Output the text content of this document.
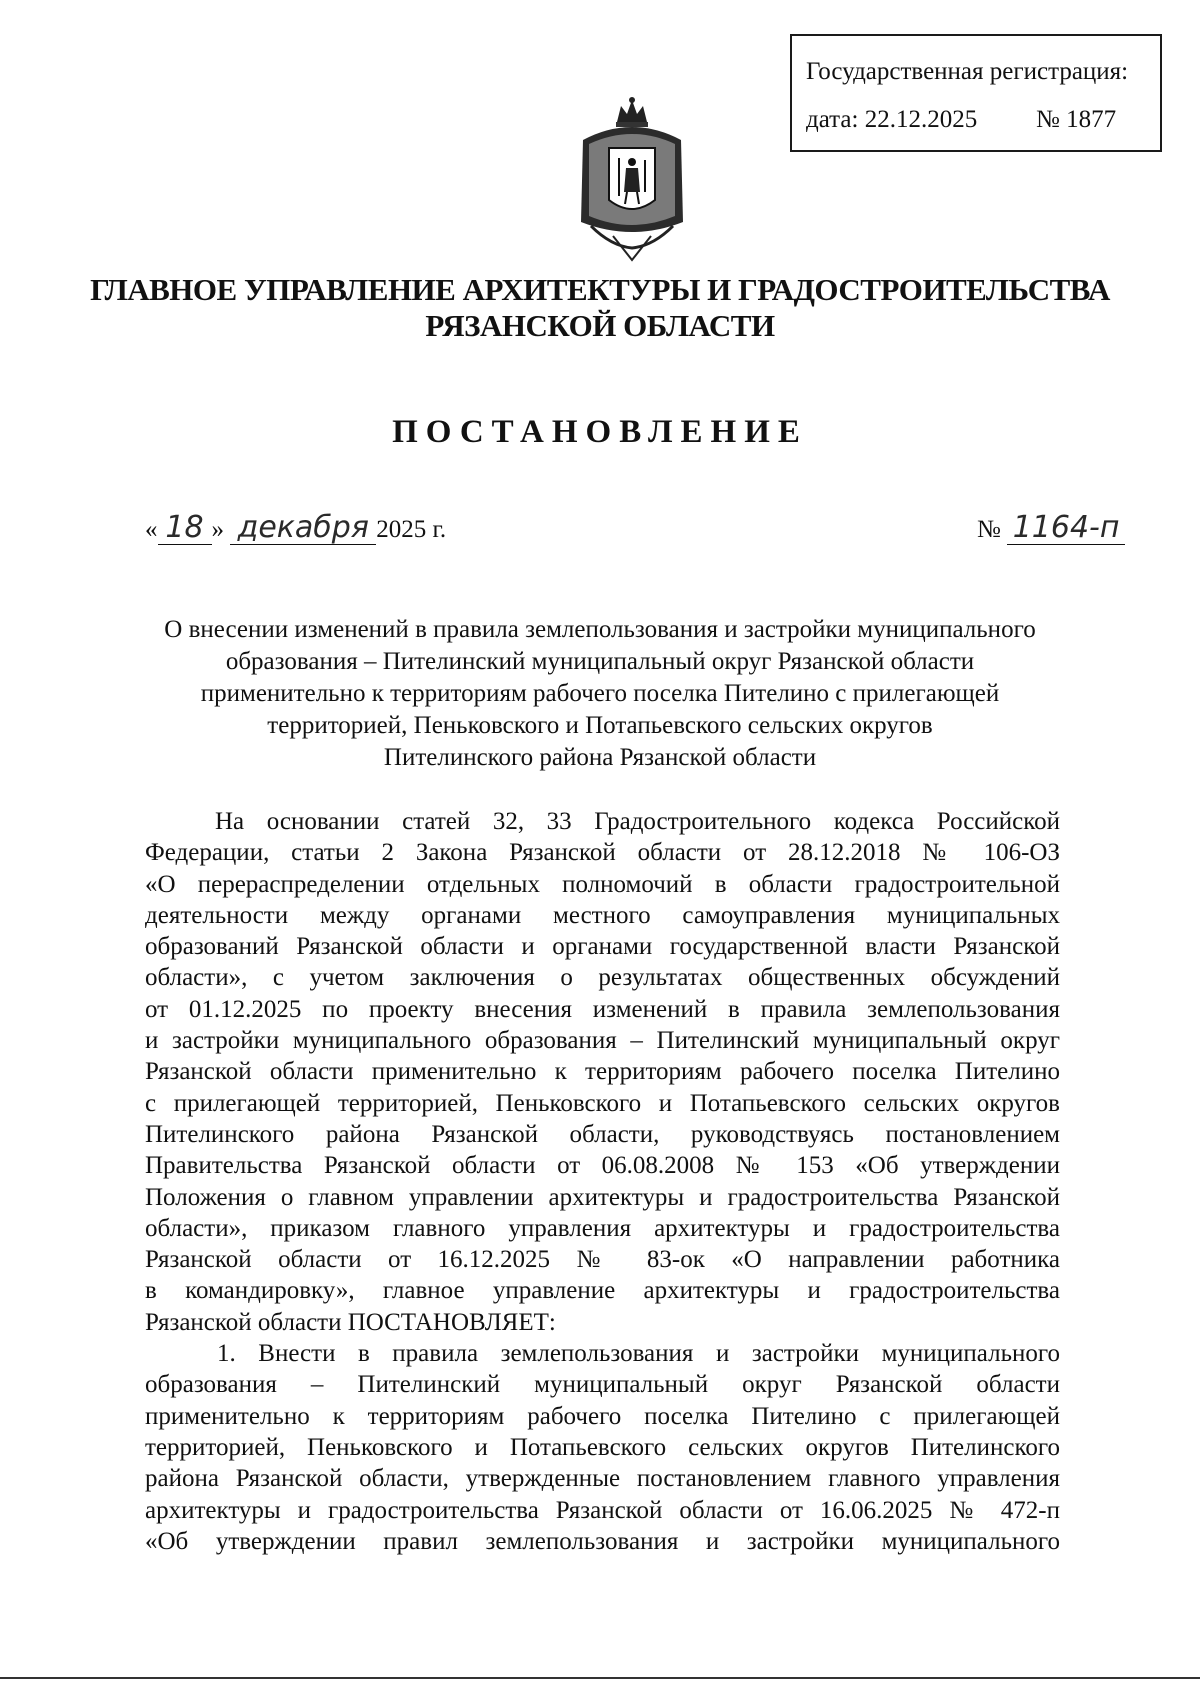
Государственная регистрация:
дата: 22.12.2025 № 1877
ГЛАВНОЕ УПРАВЛЕНИЕ АРХИТЕКТУРЫ И ГРАДОСТРОИТЕЛЬСТВА
РЯЗАНСКОЙ ОБЛАСТИ
ПОСТАНОВЛЕНИЕ
« 18 » декабря 2025 г.	№ 1164-п
О внесении изменений в правила землепользования и застройки муниципального
образования – Пителинский муниципальный округ Рязанской области
применительно к территориям рабочего поселка Пителино с прилегающей
территорией, Пеньковского и Потапьевского сельских округов
Пителинского района Рязанской области
На основании статей 32, 33 Градостроительного кодекса Российской
Федерации, статьи 2 Закона Рязанской области от 28.12.2018 № 106-ОЗ
«О перераспределении отдельных полномочий в области градостроительной
деятельности между органами местного самоуправления муниципальных
образований Рязанской области и органами государственной власти Рязанской
области», с учетом заключения о результатах общественных обсуждений
от 01.12.2025 по проекту внесения изменений в правила землепользования
и застройки муниципального образования – Пителинский муниципальный округ
Рязанской области применительно к территориям рабочего поселка Пителино
с прилегающей территорией, Пеньковского и Потапьевского сельских округов
Пителинского района Рязанской области, руководствуясь постановлением
Правительства Рязанской области от 06.08.2008 № 153 «Об утверждении
Положения о главном управлении архитектуры и градостроительства Рязанской
области», приказом главного управления архитектуры и градостроительства
Рязанской области от 16.12.2025 № 83-ок «О направлении работника
в командировку», главное управление архитектуры и градостроительства
Рязанской области ПОСТАНОВЛЯЕТ:
1. Внести в правила землепользования и застройки муниципального
образования – Пителинский муниципальный округ Рязанской области
применительно к территориям рабочего поселка Пителино с прилегающей
территорией, Пеньковского и Потапьевского сельских округов Пителинского
района Рязанской области, утвержденные постановлением главного управления
архитектуры и градостроительства Рязанской области от 16.06.2025 № 472-п
«Об утверждении правил землепользования и застройки муниципального
